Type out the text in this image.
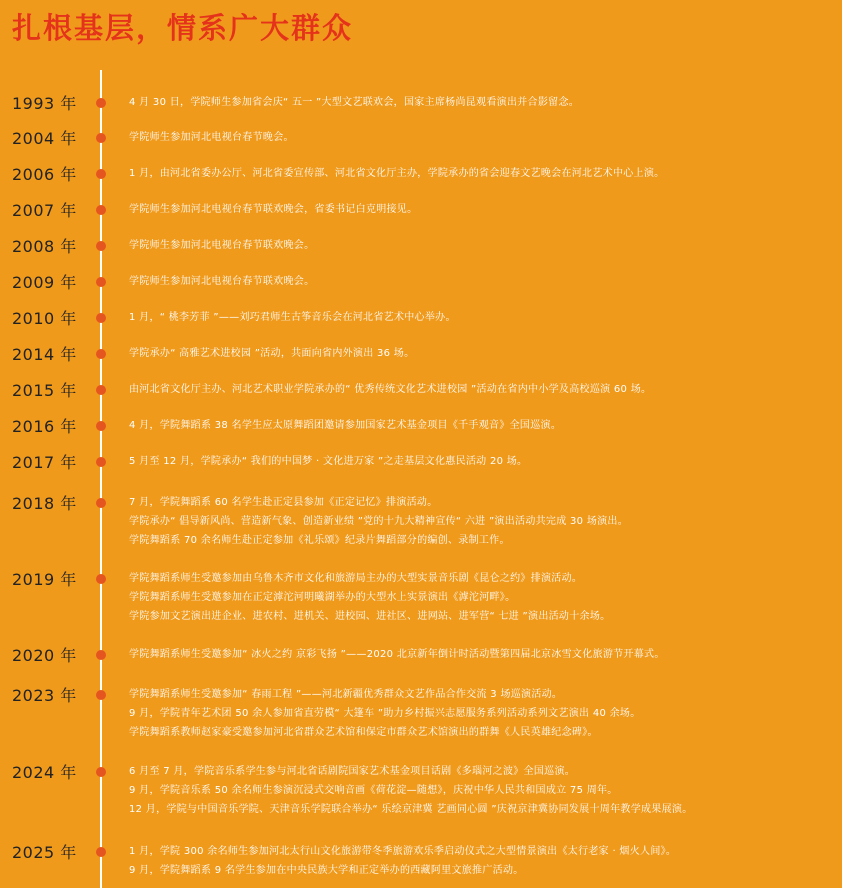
扎根基层，情系广大群众
1993 年	4 月 30 日，学院师生参加省会庆“ 五一 ”大型文艺联欢会，国家主席杨尚昆观看演出并合影留念。
2004 年	学院师生参加河北电视台春节晚会。
2006 年	1 月，由河北省委办公厅、河北省委宣传部、河北省文化厅主办，学院承办的省会迎春文艺晚会在河北艺术中心上演。
2007 年	学院师生参加河北电视台春节联欢晚会，省委书记白克明接见。
2008 年	学院师生参加河北电视台春节联欢晚会。
2009 年	学院师生参加河北电视台春节联欢晚会。
2010 年	1 月，“ 桃李芳菲 ”——刘巧君师生古筝音乐会在河北省艺术中心举办。
2014 年	学院承办“ 高雅艺术进校园 ”活动，共面向省内外演出 36 场。
2015 年	由河北省文化厅主办、河北艺术职业学院承办的“ 优秀传统文化艺术进校园 ”活动在省内中小学及高校巡演 60 场。
2016 年	4 月，学院舞蹈系 38 名学生应太原舞蹈团邀请参加国家艺术基金项目《千手观音》全国巡演。
2017 年	5 月至 12 月，学院承办“ 我们的中国梦 · 文化进万家 ”之走基层文化惠民活动 20 场。
2018 年	7 月，学院舞蹈系 60 名学生赴正定县参加《正定记忆》排演活动。
学院承办“ 倡导新风尚、营造新气象、创造新业绩 ”党的十九大精神宣传“ 六进 ”演出活动共完成 30 场演出。
学院舞蹈系 70 余名师生赴正定参加《礼乐颂》纪录片舞蹈部分的编创、录制工作。
2019 年	学院舞蹈系师生受邀参加由乌鲁木齐市文化和旅游局主办的大型实景音乐剧《昆仑之约》排演活动。
学院舞蹈系师生受邀参加在正定滹沱河明曦湖举办的大型水上实景演出《滹沱河畔》。
学院参加文艺演出进企业、进农村、进机关、进校园、进社区、进网站、进军营“ 七进 ”演出活动十余场。
2020 年	学院舞蹈系师生受邀参加“ 冰火之约 京彩飞扬 ”——2020 北京新年倒计时活动暨第四届北京冰雪文化旅游节开幕式。
2023 年	学院舞蹈系师生受邀参加“ 春雨工程 ”——河北新疆优秀群众文艺作品合作交流 3 场巡演活动。
9 月，学院青年艺术团 50 余人参加省直劳模“ 大篷车 ”助力乡村振兴志愿服务系列活动系列文艺演出 40 余场。
学院舞蹈系教师赵家豪受邀参加河北省群众艺术馆和保定市群众艺术馆演出的群舞《人民英雄纪念碑》。
2024 年	6 月至 7 月，学院音乐系学生参与河北省话剧院国家艺术基金项目话剧《多瑙河之波》全国巡演。
9 月，学院音乐系 50 余名师生参演沉浸式交响音画《荷花淀—随想》，庆祝中华人民共和国成立 75 周年。
12 月，学院与中国音乐学院、天津音乐学院联合举办“ 乐绘京津冀 艺画同心圆 ”庆祝京津冀协同发展十周年教学成果展演。
2025 年	1 月，学院 300 余名师生参加河北太行山文化旅游带冬季旅游欢乐季启动仪式之大型情景演出《太行老家 · 烟火人间》。
9 月，学院舞蹈系 9 名学生参加在中央民族大学和正定举办的西藏阿里文旅推广活动。
